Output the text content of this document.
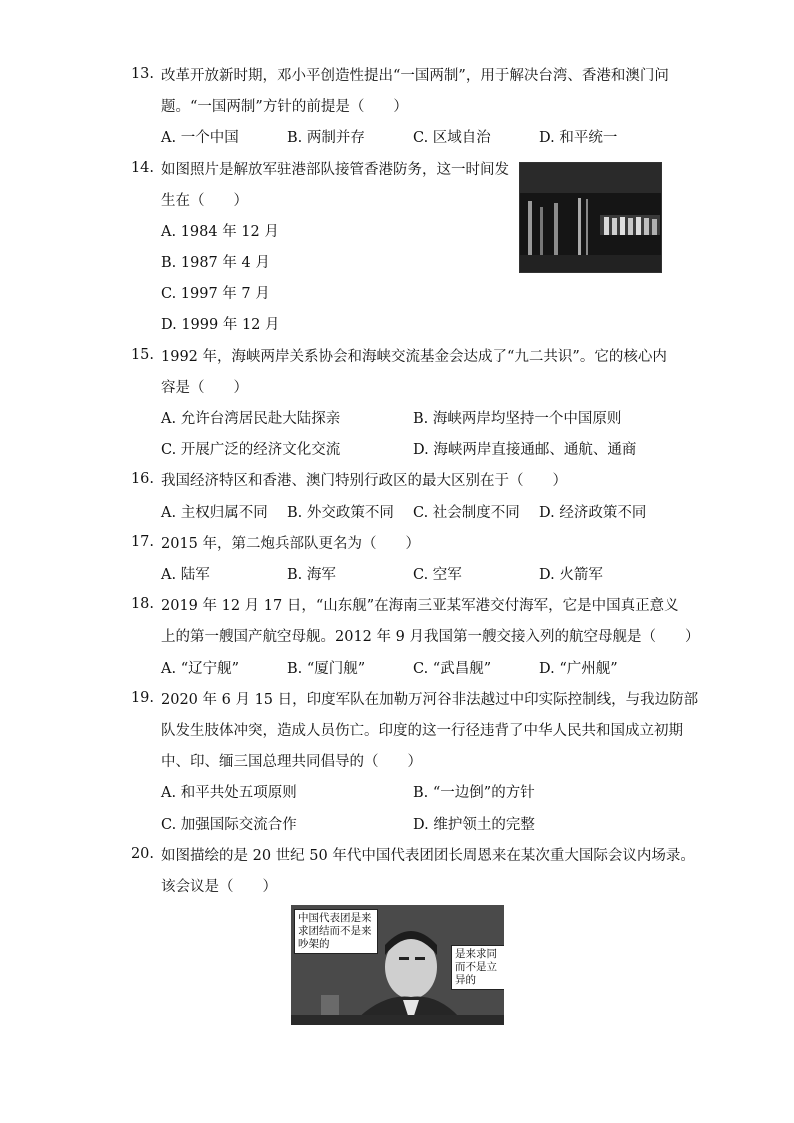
13. 改革开放新时期，邓小平创造性提出“一国两制”，用于解决台湾、香港和澳门问
题。“一国两制”方针的前提是（　　）
A. 一个中国	B. 两制并存	C. 区域自治	D. 和平统一
14. 如图照片是解放军驻港部队接管香港防务，这一时间发
生在（　　）
A. 1984 年 12 月
B. 1987 年 4 月
C. 1997 年 7 月
D. 1999 年 12 月
15. 1992 年，海峡两岸关系协会和海峡交流基金会达成了“九二共识”。它的核心内
容是（　　）
A. 允许台湾居民赴大陆探亲	B. 海峡两岸均坚持一个中国原则
C. 开展广泛的经济文化交流	D. 海峡两岸直接通邮、通航、通商
16. 我国经济特区和香港、澳门特别行政区的最大区别在于（　　）
A. 主权归属不同 B. 外交政策不同 C. 社会制度不同 D. 经济政策不同
17. 2015 年，第二炮兵部队更名为（　　）
A. 陆军	B. 海军	C. 空军	D. 火箭军
18. 2019 年 12 月 17 日，“山东舰”在海南三亚某军港交付海军，它是中国真正意义
上的第一艘国产航空母舰。2012 年 9 月我国第一艘交接入列的航空母舰是（　　）
A. “辽宁舰”	B. “厦门舰”	C. “武昌舰”	D. “广州舰”
19. 2020 年 6 月 15 日，印度军队在加勒万河谷非法越过中印实际控制线，与我边防部
队发生肢体冲突，造成人员伤亡。印度的这一行径违背了中华人民共和国成立初期
中、印、缅三国总理共同倡导的（　　）
A. 和平共处五项原则	B. “一边倒”的方针
C. 加强国际交流合作	D. 维护领土的完整
20. 如图描绘的是 20 世纪 50 年代中国代表团团长周恩来在某次重大国际会议内场录。
该会议是（　　）
中国代表团是来求团结而不是来吵架的
是来求同而不是立异的
